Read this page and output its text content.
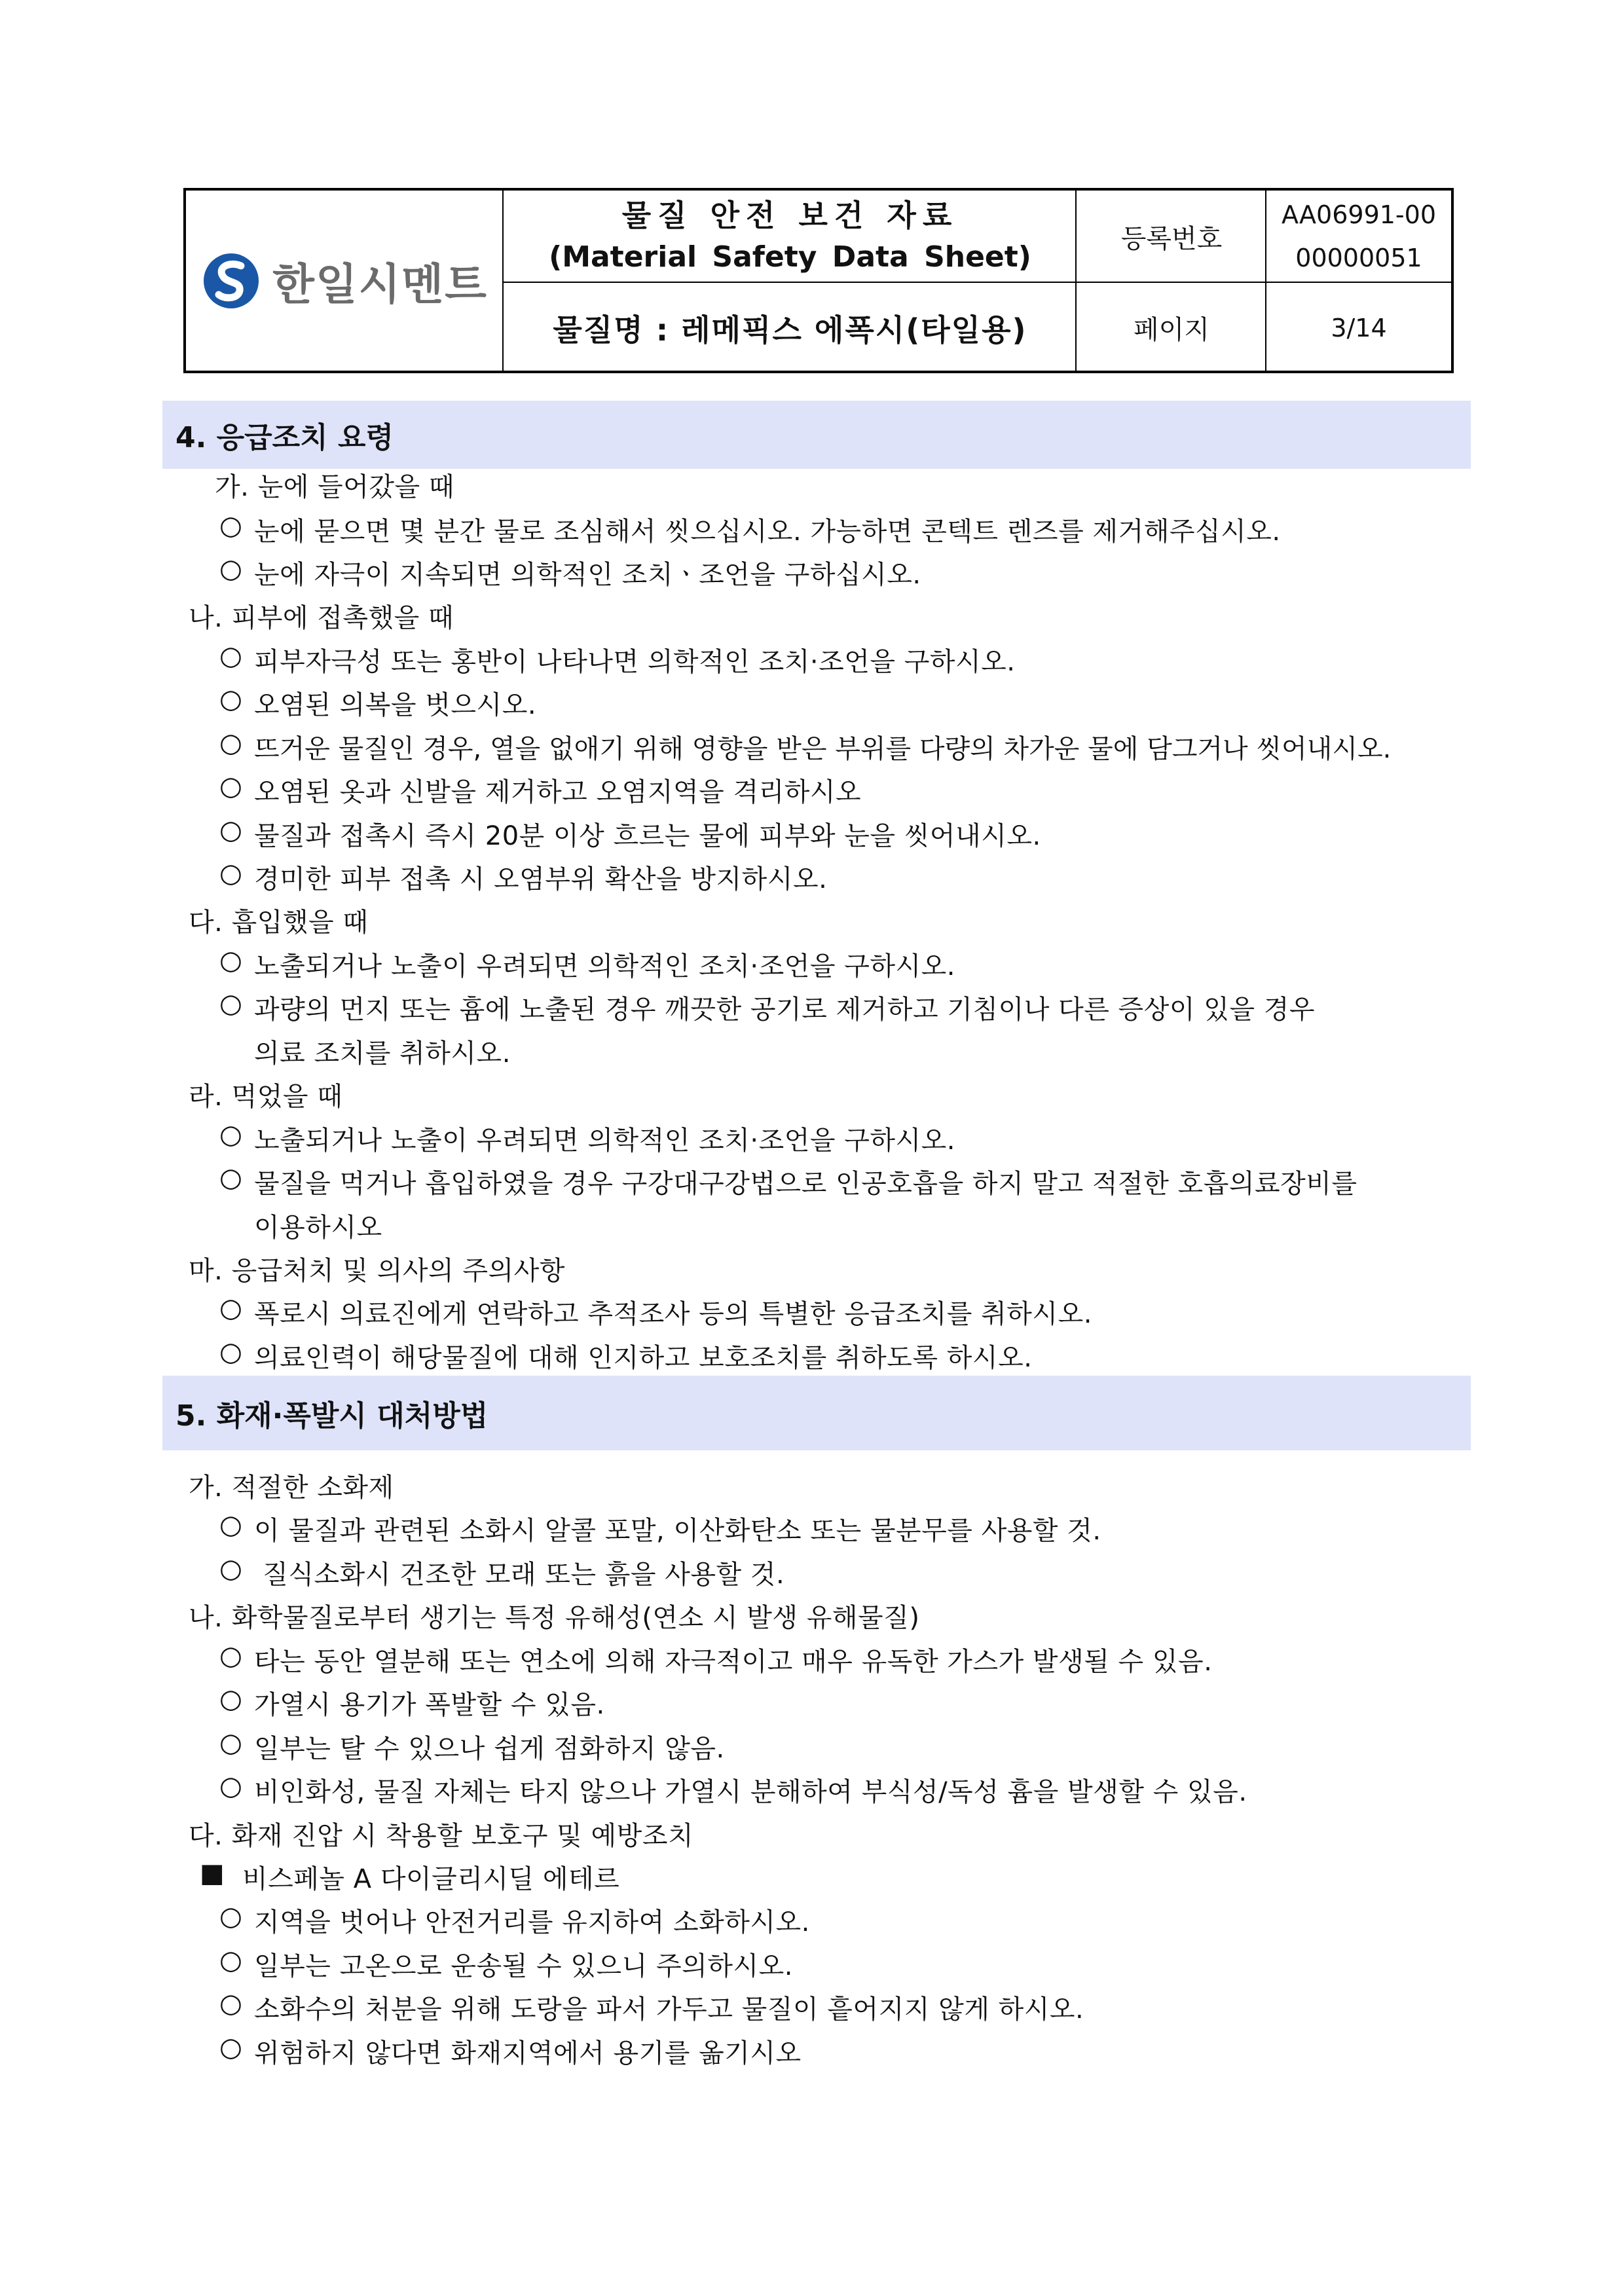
한일시멘트
물질 안전 보건 자료
(Material Safety Data Sheet)
물질명 : 레메픽스 에폭시(타일용)
등록번호
AA06991-00
00000051
페이지	3/14
4. 응급조치 요령
가. 눈에 들어갔을 때
○ 눈에 묻으면 몇 분간 물로 조심해서 씻으십시오. 가능하면 콘텍트 렌즈를 제거해주십시오.
○ 눈에 자극이 지속되면 의학적인 조치ㆍ조언을 구하십시오.
나. 피부에 접촉했을 때
○ 피부자극성 또는 홍반이 나타나면 의학적인 조치·조언을 구하시오.
○ 오염된 의복을 벗으시오.
○ 뜨거운 물질인 경우, 열을 없애기 위해 영향을 받은 부위를 다량의 차가운 물에 담그거나 씻어내시오.
○ 오염된 옷과 신발을 제거하고 오염지역을 격리하시오
○ 물질과 접촉시 즉시 20분 이상 흐르는 물에 피부와 눈을 씻어내시오.
○ 경미한 피부 접촉 시 오염부위 확산을 방지하시오.
다. 흡입했을 때
○ 노출되거나 노출이 우려되면 의학적인 조치·조언을 구하시오.
○ 과량의 먼지 또는 흄에 노출된 경우 깨끗한 공기로 제거하고 기침이나 다른 증상이 있을 경우
의료 조치를 취하시오.
라. 먹었을 때
○ 노출되거나 노출이 우려되면 의학적인 조치·조언을 구하시오.
○ 물질을 먹거나 흡입하였을 경우 구강대구강법으로 인공호흡을 하지 말고 적절한 호흡의료장비를
이용하시오
마. 응급처치 및 의사의 주의사항
○ 폭로시 의료진에게 연락하고 추적조사 등의 특별한 응급조치를 취하시오.
○ 의료인력이 해당물질에 대해 인지하고 보호조치를 취하도록 하시오.
5. 화재·폭발시 대처방법
가. 적절한 소화제
○ 이 물질과 관련된 소화시 알콜 포말, 이산화탄소 또는 물분무를 사용할 것.
○ 질식소화시 건조한 모래 또는 흙을 사용할 것.
나. 화학물질로부터 생기는 특정 유해성(연소 시 발생 유해물질)
○ 타는 동안 열분해 또는 연소에 의해 자극적이고 매우 유독한 가스가 발생될 수 있음.
○ 가열시 용기가 폭발할 수 있음.
○ 일부는 탈 수 있으나 쉽게 점화하지 않음.
○ 비인화성, 물질 자체는 타지 않으나 가열시 분해하여 부식성/독성 흄을 발생할 수 있음.
다. 화재 진압 시 착용할 보호구 및 예방조치
■ 비스페놀 A 다이글리시딜 에테르
○ 지역을 벗어나 안전거리를 유지하여 소화하시오.
○ 일부는 고온으로 운송될 수 있으니 주의하시오.
○ 소화수의 처분을 위해 도랑을 파서 가두고 물질이 흩어지지 않게 하시오.
○ 위험하지 않다면 화재지역에서 용기를 옮기시오
